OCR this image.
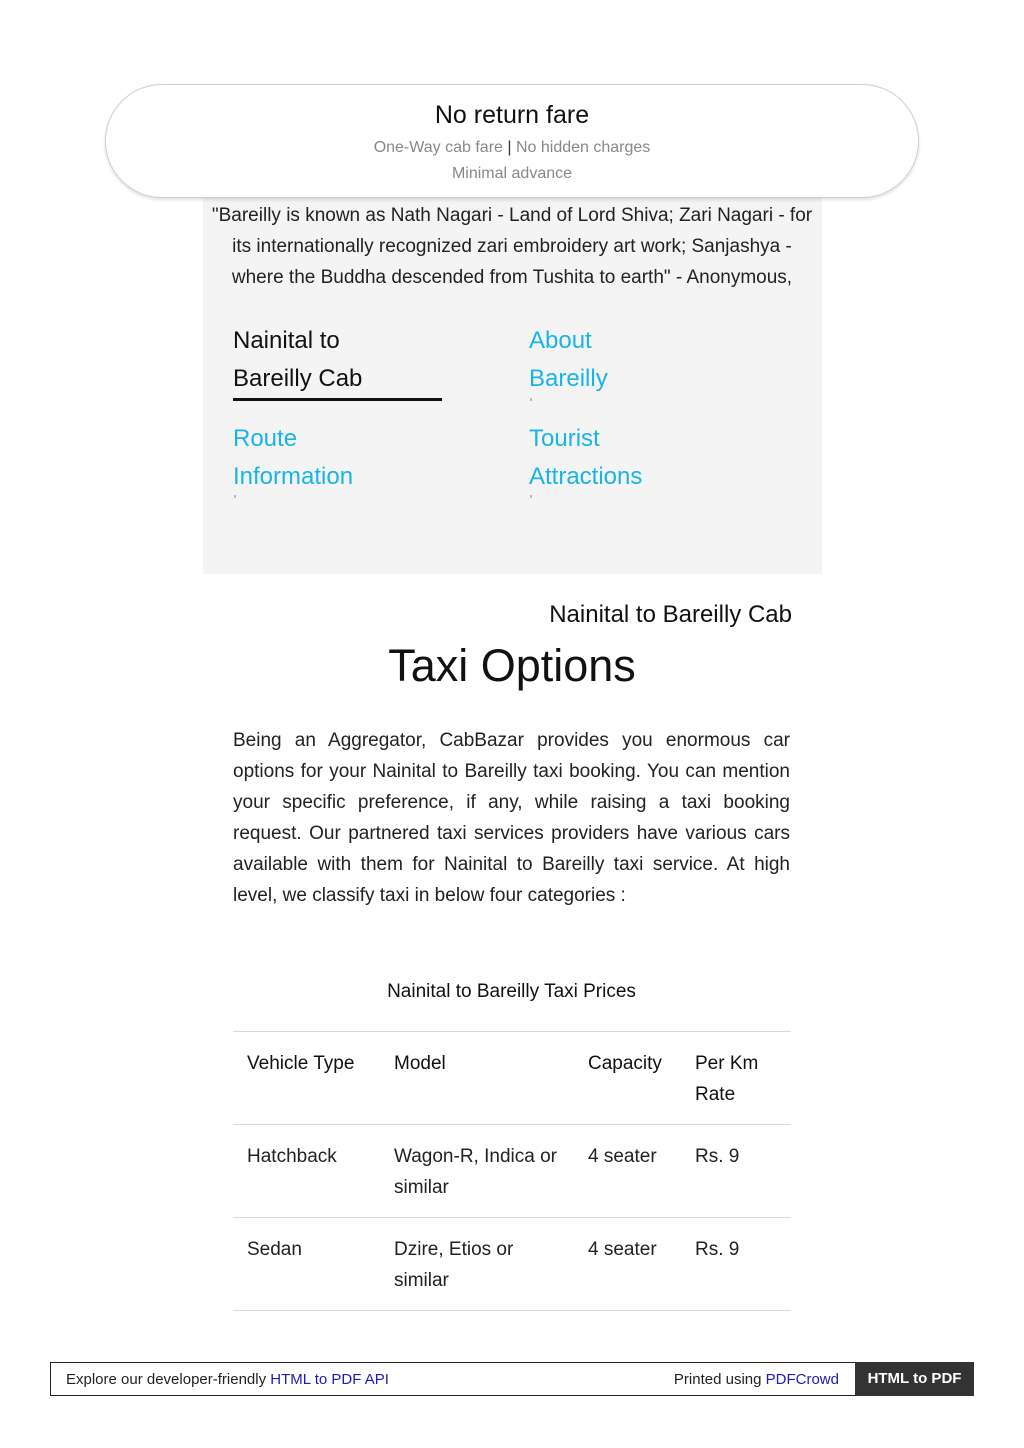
No return fare
One-Way cab fare | No hidden charges
Minimal advance
"Bareilly is known as Nath Nagari - Land of Lord Shiva; Zari Nagari - for its internationally recognized zari embroidery art work; Sanjashya - where the Buddha descended from Tushita to earth" - Anonymous,
Nainital to
Bareilly Cab
About
Bareilly
Route
Information
Tourist
Attractions
Nainital to Bareilly Cab
Taxi Options

Being an Aggregator, CabBazar provides you enormous car options for your Nainital to Bareilly taxi booking. You can mention your specific preference, if any, while raising a taxi booking request. Our partnered taxi services providers have various cars available with them for Nainital to Bareilly taxi service. At high level, we classify taxi in below four categories :

Nainital to Bareilly Taxi Prices
Vehicle Type	Model	Capacity	Per Km Rate
Hatchback	Wagon-R, Indica or similar	4 seater	Rs. 9
Sedan	Dzire, Etios or similar	4 seater	Rs. 9
Explore our developer-friendly HTML to PDF API	Printed using PDFCrowd	HTML to PDF
